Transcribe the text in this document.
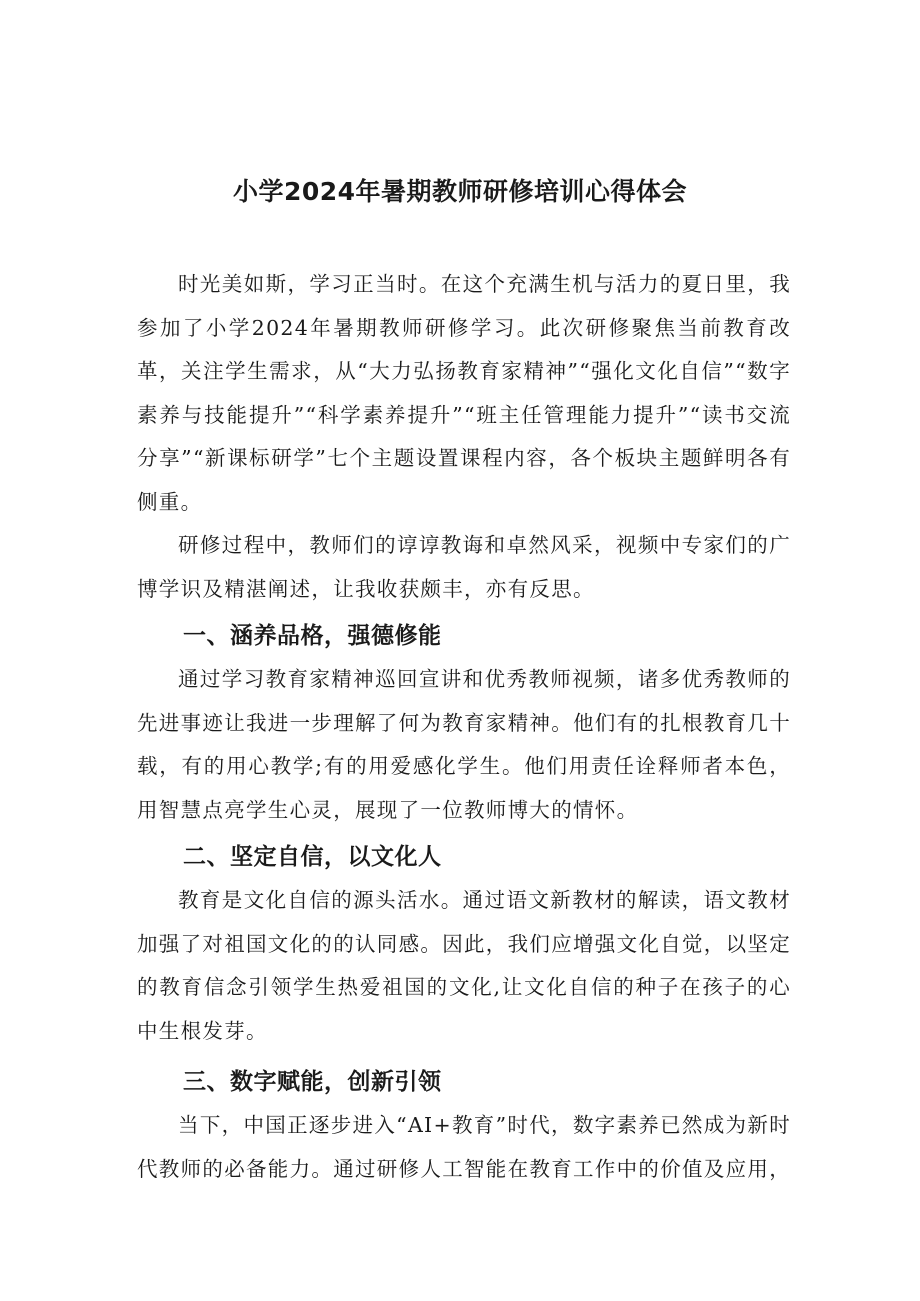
小学2024年暑期教师研修培训心得体会

时光美如斯，学习正当时。在这个充满生机与活力的夏日里，我参加了小学2024年暑期教师研修学习。此次研修聚焦当前教育改革，关注学生需求，从“大力弘扬教育家精神”“强化文化自信”“数字素养与技能提升”“科学素养提升”“班主任管理能力提升”“读书交流分享”“新课标研学”七个主题设置课程内容，各个板块主题鲜明各有侧重。

研修过程中，教师们的谆谆教诲和卓然风采，视频中专家们的广博学识及精湛阐述，让我收获颇丰，亦有反思。

一、涵养品格，强德修能

通过学习教育家精神巡回宣讲和优秀教师视频，诸多优秀教师的先进事迹让我进一步理解了何为教育家精神。他们有的扎根教育几十载，有的用心教学;有的用爱感化学生。他们用责任诠释师者本色，用智慧点亮学生心灵，展现了一位教师博大的情怀。

二、坚定自信，以文化人

教育是文化自信的源头活水。通过语文新教材的解读，语文教材加强了对祖国文化的的认同感。因此，我们应增强文化自觉，以坚定的教育信念引领学生热爱祖国的文化,让文化自信的种子在孩子的心中生根发芽。

三、数字赋能，创新引领

当下，中国正逐步进入“AI+教育”时代，数字素养已然成为新时代教师的必备能力。通过研修人工智能在教育工作中的价值及应用，
